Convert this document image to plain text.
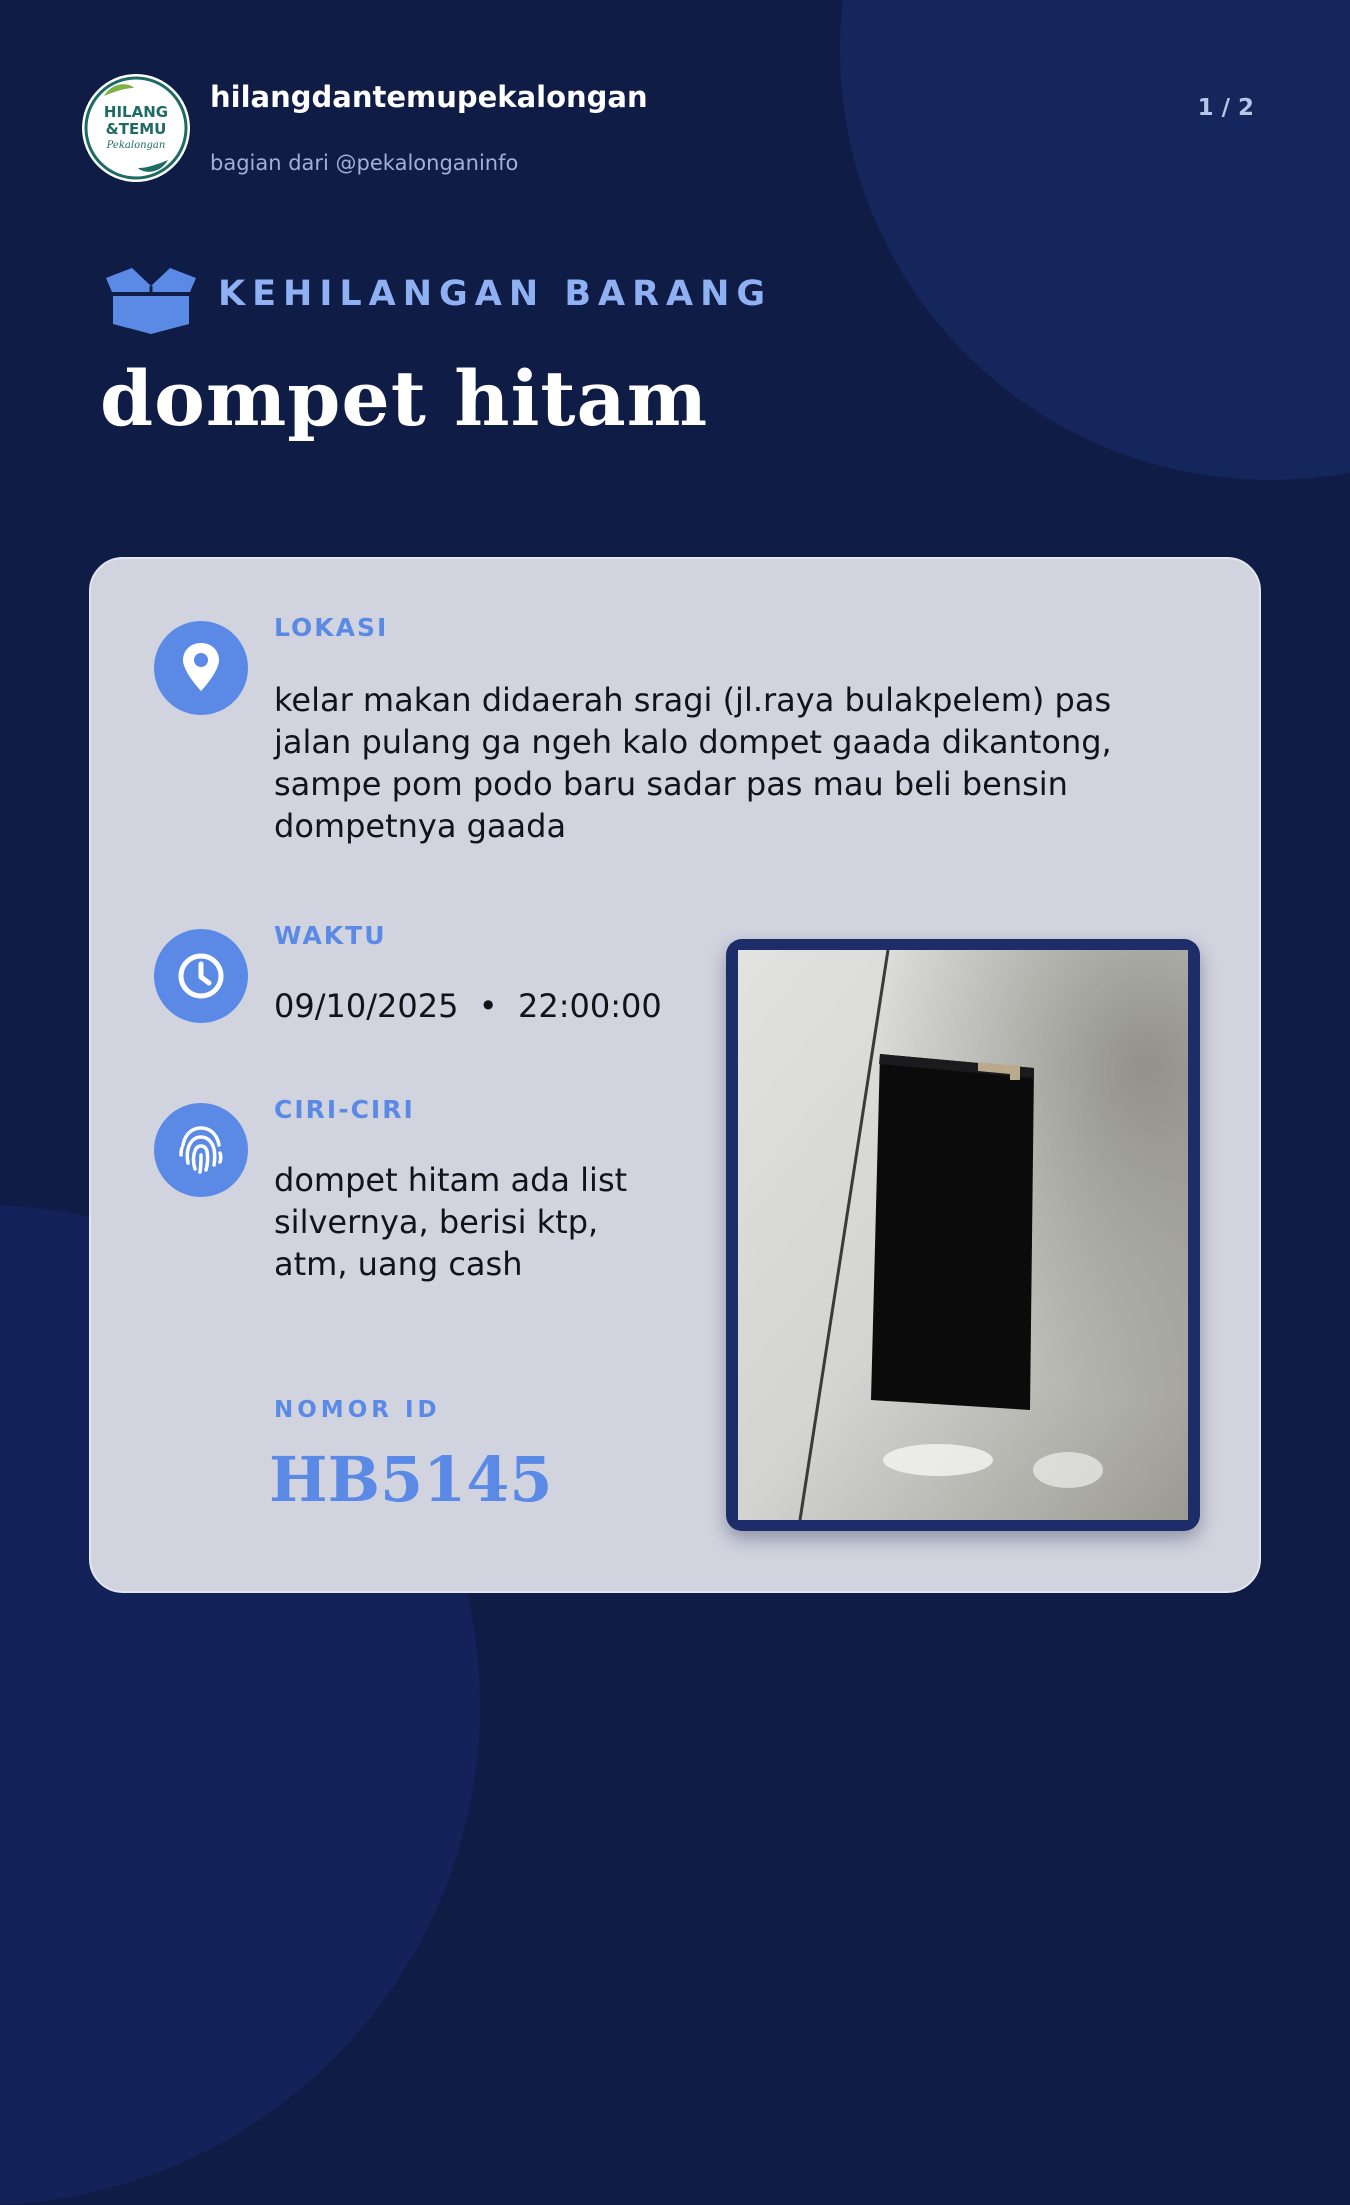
HILANG
&TEMU
Pekalongan
hilangdantemupekalongan
bagian dari @pekalonganinfo
1 / 2
KEHILANGAN BARANG
dompet hitam
LOKASI
kelar makan didaerah sragi (jl.raya bulakpelem) pas jalan pulang ga ngeh kalo dompet gaada dikantong, sampe pom podo baru sadar pas mau beli bensin dompetnya gaada
WAKTU
09/10/2025  •  22:00:00
CIRI-CIRI
dompet hitam ada list silvernya, berisi ktp, atm, uang cash
NOMOR ID
HB5145
